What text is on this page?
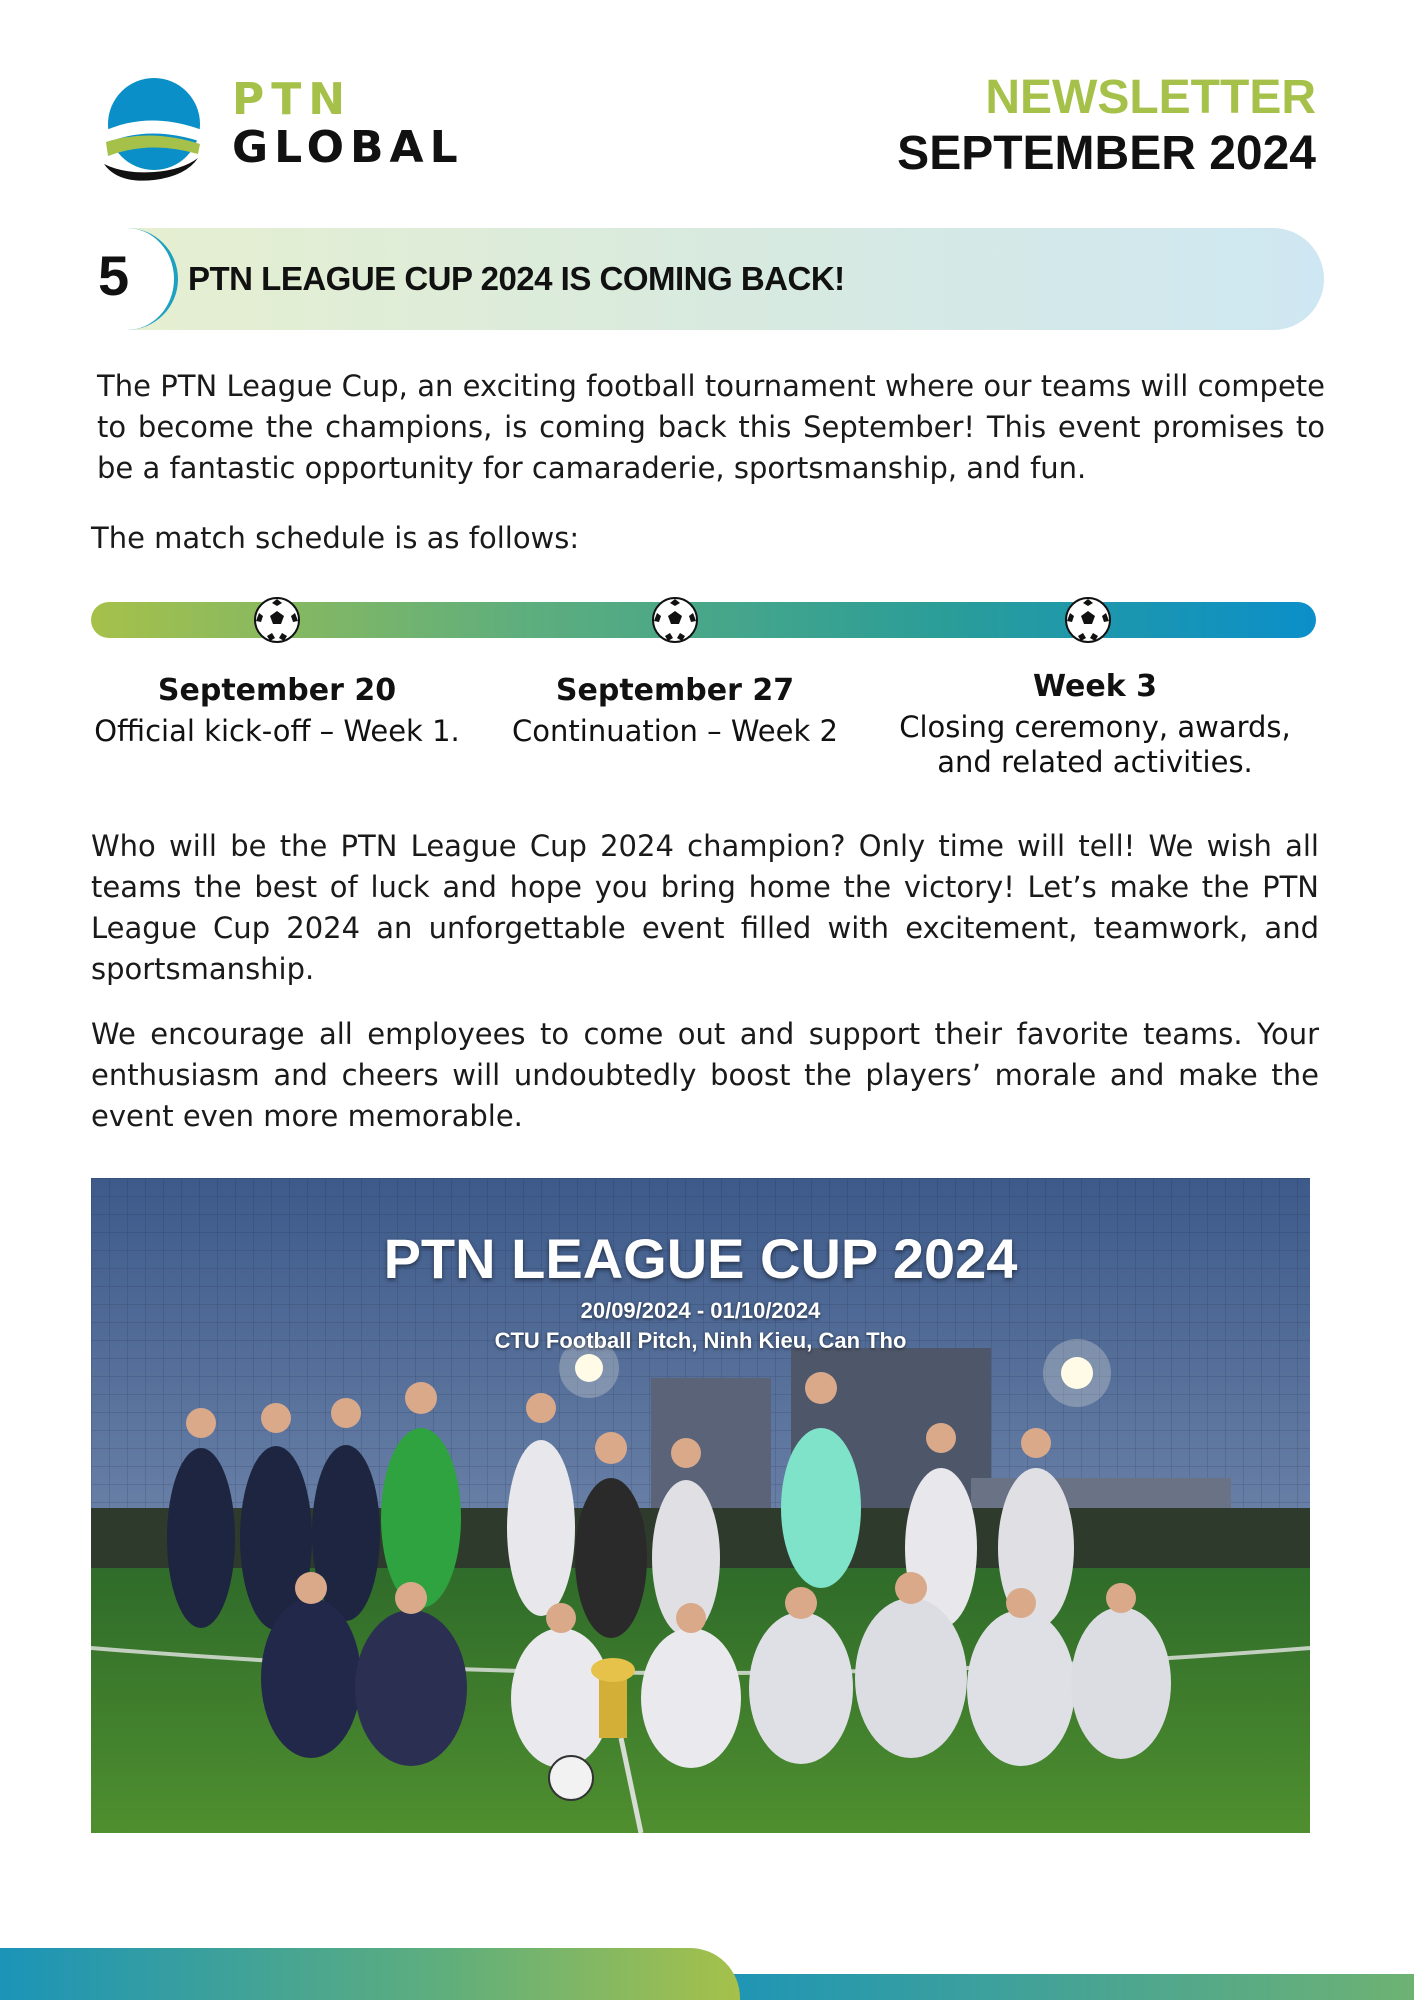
PTN
GLOBAL
NEWSLETTER
SEPTEMBER 2024
5 PTN LEAGUE CUP 2024 IS COMING BACK!

The PTN League Cup, an exciting football tournament where our teams will compete to become the champions, is coming back this September! This event promises to be a fantastic opportunity for camaraderie, sportsmanship, and fun.

The match schedule is as follows:

September 20
Official kick-off – Week 1.
September 27
Continuation – Week 2
Week 3
Closing ceremony, awards, and related activities.

Who will be the PTN League Cup 2024 champion? Only time will tell! We wish all teams the best of luck and hope you bring home the victory! Let’s make the PTN League Cup 2024 an unforgettable event filled with excitement, teamwork, and sportsmanship.

We encourage all employees to come out and support their favorite teams. Your enthusiasm and cheers will undoubtedly boost the players’ morale and make the event even more memorable.

PTN LEAGUE CUP 2024
20/09/2024 - 01/10/2024
CTU Football Pitch, Ninh Kieu, Can Tho
